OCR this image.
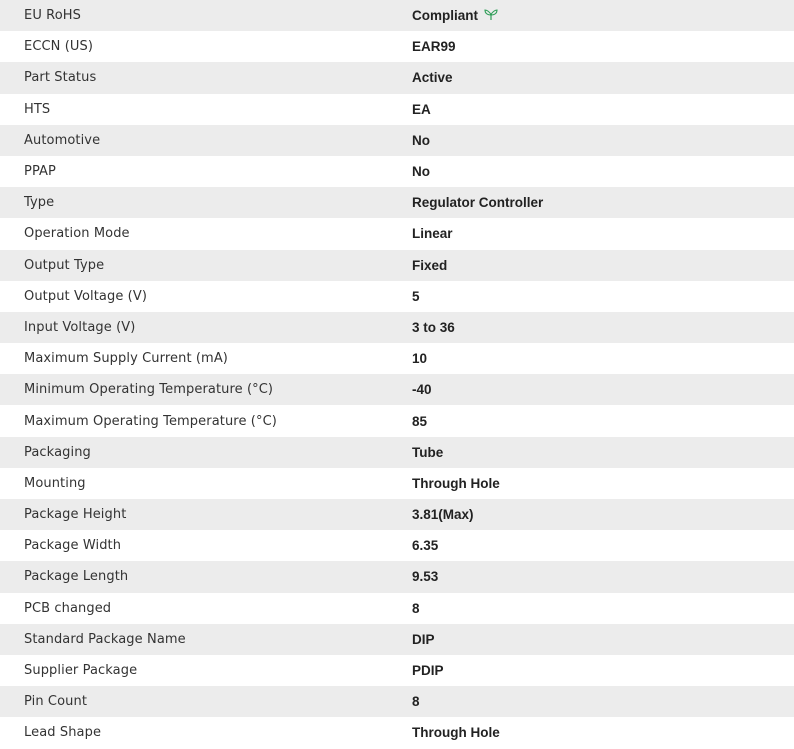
EU RoHS	Compliant
ECCN (US)	EAR99
Part Status	Active
HTS	EA
Automotive	No
PPAP	No
Type	Regulator Controller
Operation Mode	Linear
Output Type	Fixed
Output Voltage (V)	5
Input Voltage (V)	3 to 36
Maximum Supply Current (mA)	10
Minimum Operating Temperature (°C)	-40
Maximum Operating Temperature (°C)	85
Packaging	Tube
Mounting	Through Hole
Package Height	3.81(Max)
Package Width	6.35
Package Length	9.53
PCB changed	8
Standard Package Name	DIP
Supplier Package	PDIP
Pin Count	8
Lead Shape	Through Hole
